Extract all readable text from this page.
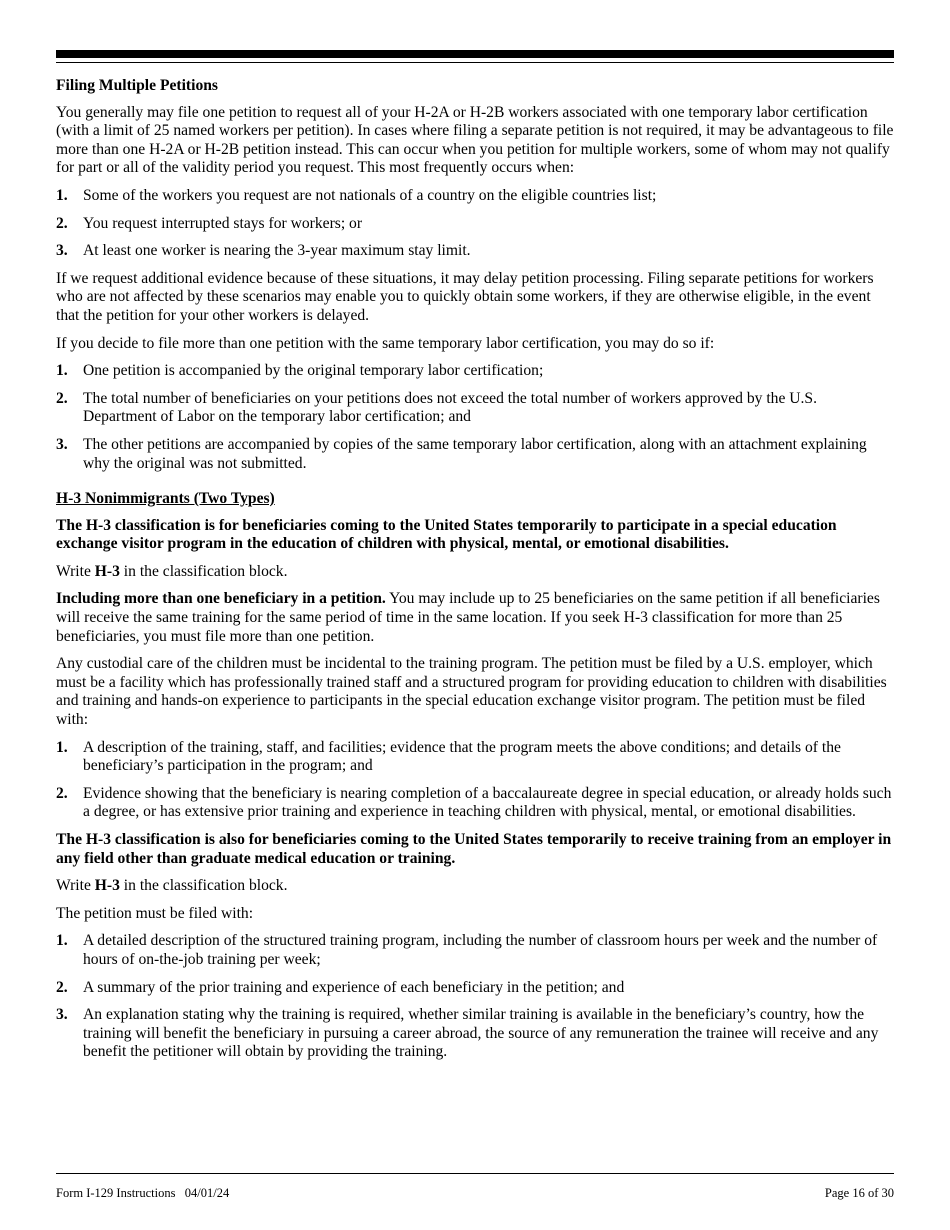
Filing Multiple Petitions

You generally may file one petition to request all of your H-2A or H-2B workers associated with one temporary labor certification (with a limit of 25 named workers per petition). In cases where filing a separate petition is not required, it may be advantageous to file more than one H-2A or H-2B petition instead. This can occur when you petition for multiple workers, some of whom may not qualify for part or all of the validity period you request. This most frequently occurs when:

1. Some of the workers you request are not nationals of a country on the eligible countries list;
2. You request interrupted stays for workers; or
3. At least one worker is nearing the 3-year maximum stay limit.

If we request additional evidence because of these situations, it may delay petition processing. Filing separate petitions for workers who are not affected by these scenarios may enable you to quickly obtain some workers, if they are otherwise eligible, in the event that the petition for your other workers is delayed.

If you decide to file more than one petition with the same temporary labor certification, you may do so if:

1. One petition is accompanied by the original temporary labor certification;
2. The total number of beneficiaries on your petitions does not exceed the total number of workers approved by the U.S. Department of Labor on the temporary labor certification; and
3. The other petitions are accompanied by copies of the same temporary labor certification, along with an attachment explaining why the original was not submitted.
H-3 Nonimmigrants (Two Types)

The H-3 classification is for beneficiaries coming to the United States temporarily to participate in a special education exchange visitor program in the education of children with physical, mental, or emotional disabilities.

Write H-3 in the classification block.

Including more than one beneficiary in a petition. You may include up to 25 beneficiaries on the same petition if all beneficiaries will receive the same training for the same period of time in the same location. If you seek H-3 classification for more than 25 beneficiaries, you must file more than one petition.

Any custodial care of the children must be incidental to the training program. The petition must be filed by a U.S. employer, which must be a facility which has professionally trained staff and a structured program for providing education to children with disabilities and training and hands-on experience to participants in the special education exchange visitor program. The petition must be filed with:

1. A description of the training, staff, and facilities; evidence that the program meets the above conditions; and details of the beneficiary’s participation in the program; and
2. Evidence showing that the beneficiary is nearing completion of a baccalaureate degree in special education, or already holds such a degree, or has extensive prior training and experience in teaching children with physical, mental, or emotional disabilities.

The H-3 classification is also for beneficiaries coming to the United States temporarily to receive training from an employer in any field other than graduate medical education or training.

Write H-3 in the classification block.

The petition must be filed with:

1. A detailed description of the structured training program, including the number of classroom hours per week and the number of hours of on-the-job training per week;
2. A summary of the prior training and experience of each beneficiary in the petition; and
3. An explanation stating why the training is required, whether similar training is available in the beneficiary’s country, how the training will benefit the beneficiary in pursuing a career abroad, the source of any remuneration the trainee will receive and any benefit the petitioner will obtain by providing the training.
Form I-129 Instructions   04/01/24	Page 16 of 30
